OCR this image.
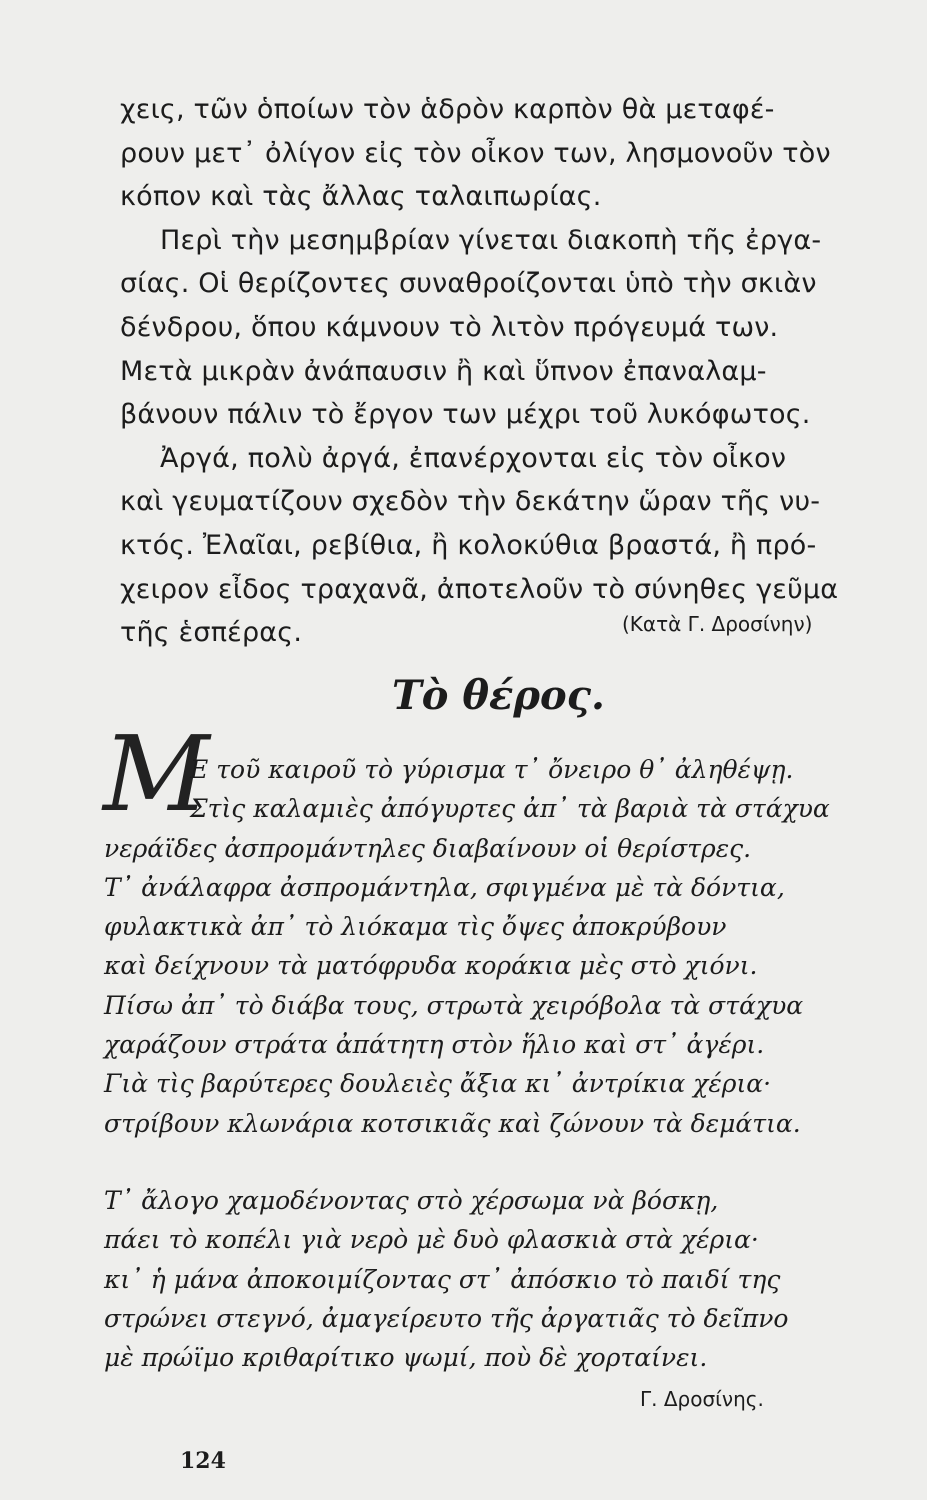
χεις, τῶν ὁποίων τὸν ἁδρὸν καρπὸν θὰ μεταφέ-
ρουν μετ᾽ ὀλίγον εἰς τὸν οἶκον των, λησμονοῦν τὸν
κόπον καὶ τὰς ἄλλας ταλαιπωρίας.
Περὶ τὴν μεσημβρίαν γίνεται διακοπὴ τῆς ἐργα-
σίας. Οἱ θερίζοντες συναθροίζονται ὑπὸ τὴν σκιὰν
δένδρου, ὅπου κάμνουν τὸ λιτὸν πρόγευμά των.
Μετὰ μικρὰν ἀνάπαυσιν ἢ καὶ ὕπνον ἐπαναλαμ-
βάνουν πάλιν τὸ ἔργον των μέχρι τοῦ λυκόφωτος.
Ἀργά, πολὺ ἀργά, ἐπανέρχονται εἰς τὸν οἶκον
καὶ γευματίζουν σχεδὸν τὴν δεκάτην ὥραν τῆς νυ-
κτός. Ἐλαῖαι, ρεβίθια, ἢ κολοκύθια βραστά, ἢ πρό-
χειρον εἶδος τραχανᾶ, ἀποτελοῦν τὸ σύνηθες γεῦμα
τῆς ἑσπέρας.	(Κατὰ Γ. Δροσίνην)
Τὸ θέρος.
Μ
Ε τοῦ καιροῦ τὸ γύρισμα τ᾽ ὄνειρο θ᾽ ἀληθέψῃ.
Στὶς καλαμιὲς ἀπόγυρτες ἀπ᾽ τὰ βαριὰ τὰ στάχυα
νεράϊδες ἀσπρομάντηλες διαβαίνουν οἱ θερίστρες.
Τ᾽ ἀνάλαφρα ἀσπρομάντηλα, σφιγμένα μὲ τὰ δόντια,
φυλακτικὰ ἀπ᾽ τὸ λιόκαμα τὶς ὄψες ἀποκρύβουν
καὶ δείχνουν τὰ ματόφρυδα κοράκια μὲς στὸ χιόνι.
Πίσω ἀπ᾽ τὸ διάβα τους, στρωτὰ χειρόβολα τὰ στάχυα
χαράζουν στράτα ἀπάτητη στὸν ἥλιο καὶ στ᾽ ἀγέρι.
Γιὰ τὶς βαρύτερες δουλειὲς ἄξια κι᾽ ἀντρίκια χέρια·
στρίβουν κλωνάρια κοτσικιᾶς καὶ ζώνουν τὰ δεμάτια.
Τ᾽ ἄλογο χαμοδένοντας στὸ χέρσωμα νὰ βόσκῃ,
πάει τὸ κοπέλι γιὰ νερὸ μὲ δυὸ φλασκιὰ στὰ χέρια·
κι᾽ ἡ μάνα ἀποκοιμίζοντας στ᾽ ἀπόσκιο τὸ παιδί της
στρώνει στεγνό, ἀμαγείρευτο τῆς ἀργατιᾶς τὸ δεῖπνο
μὲ πρώϊμο κριθαρίτικο ψωμί, ποὺ δὲ χορταίνει.
Γ. Δροσίνης.
124
